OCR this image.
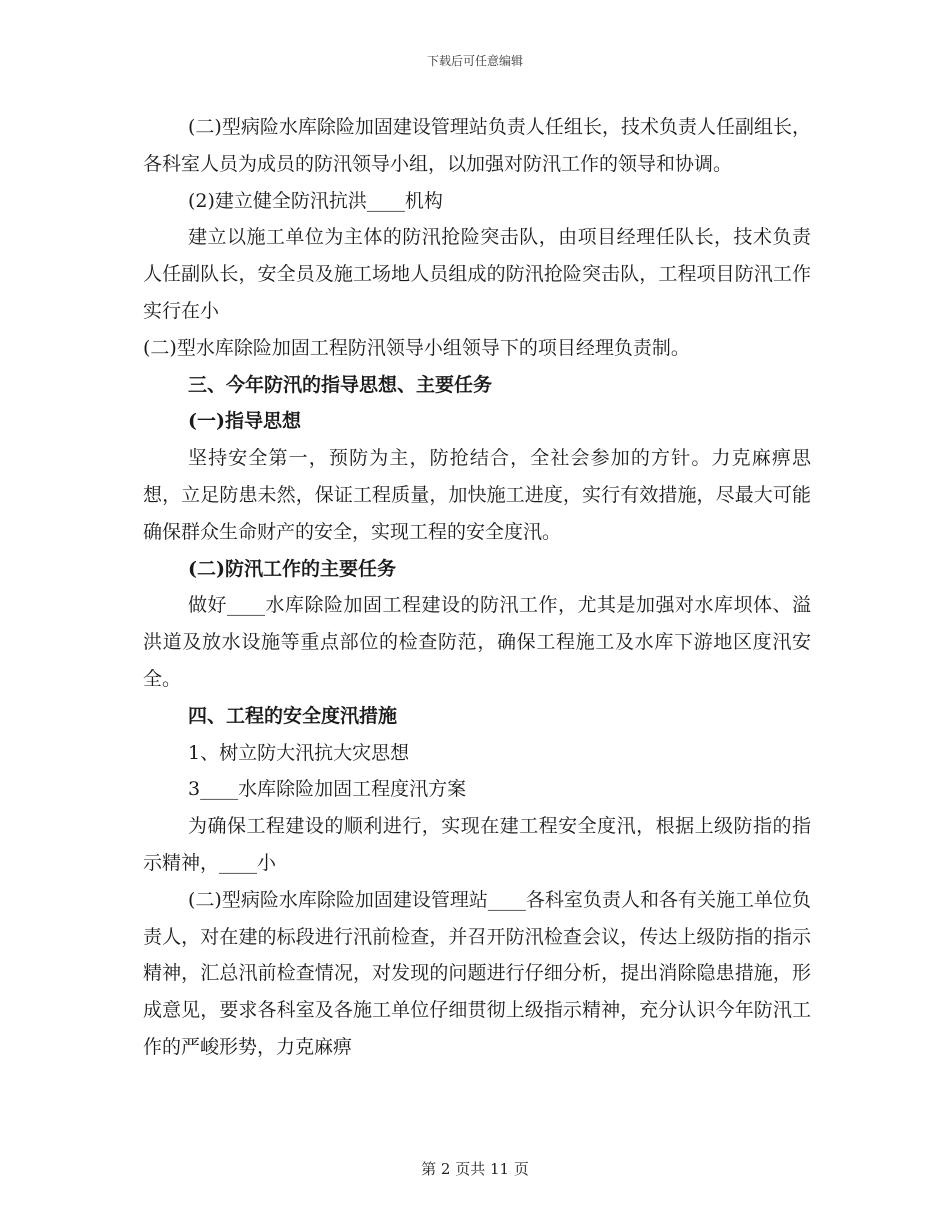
下载后可任意编辑

(二)型病险水库除险加固建设管理站负责人任组长，技术负责人任副组长，各科室人员为成员的防汛领导小组，以加强对防汛工作的领导和协调。

(2)建立健全防汛抗洪____机构

建立以施工单位为主体的防汛抢险突击队，由项目经理任队长，技术负责人任副队长，安全员及施工场地人员组成的防汛抢险突击队，工程项目防汛工作实行在小

(二)型水库除险加固工程防汛领导小组领导下的项目经理负责制。

三、今年防汛的指导思想、主要任务

(一)指导思想

坚持安全第一，预防为主，防抢结合，全社会参加的方针。力克麻痹思想，立足防患未然，保证工程质量，加快施工进度，实行有效措施，尽最大可能确保群众生命财产的安全，实现工程的安全度汛。

(二)防汛工作的主要任务

做好____水库除险加固工程建设的防汛工作，尤其是加强对水库坝体、溢洪道及放水设施等重点部位的检查防范，确保工程施工及水库下游地区度汛安全。

四、工程的安全度汛措施

1、树立防大汛抗大灾思想

3____水库除险加固工程度汛方案

为确保工程建设的顺利进行，实现在建工程安全度汛，根据上级防指的指示精神，____小

(二)型病险水库除险加固建设管理站____各科室负责人和各有关施工单位负责人，对在建的标段进行汛前检查，并召开防汛检查会议，传达上级防指的指示精神，汇总汛前检查情况，对发现的问题进行仔细分析，提出消除隐患措施，形成意见，要求各科室及各施工单位仔细贯彻上级指示精神，充分认识今年防汛工作的严峻形势，力克麻痹

第 2 页共 11 页
